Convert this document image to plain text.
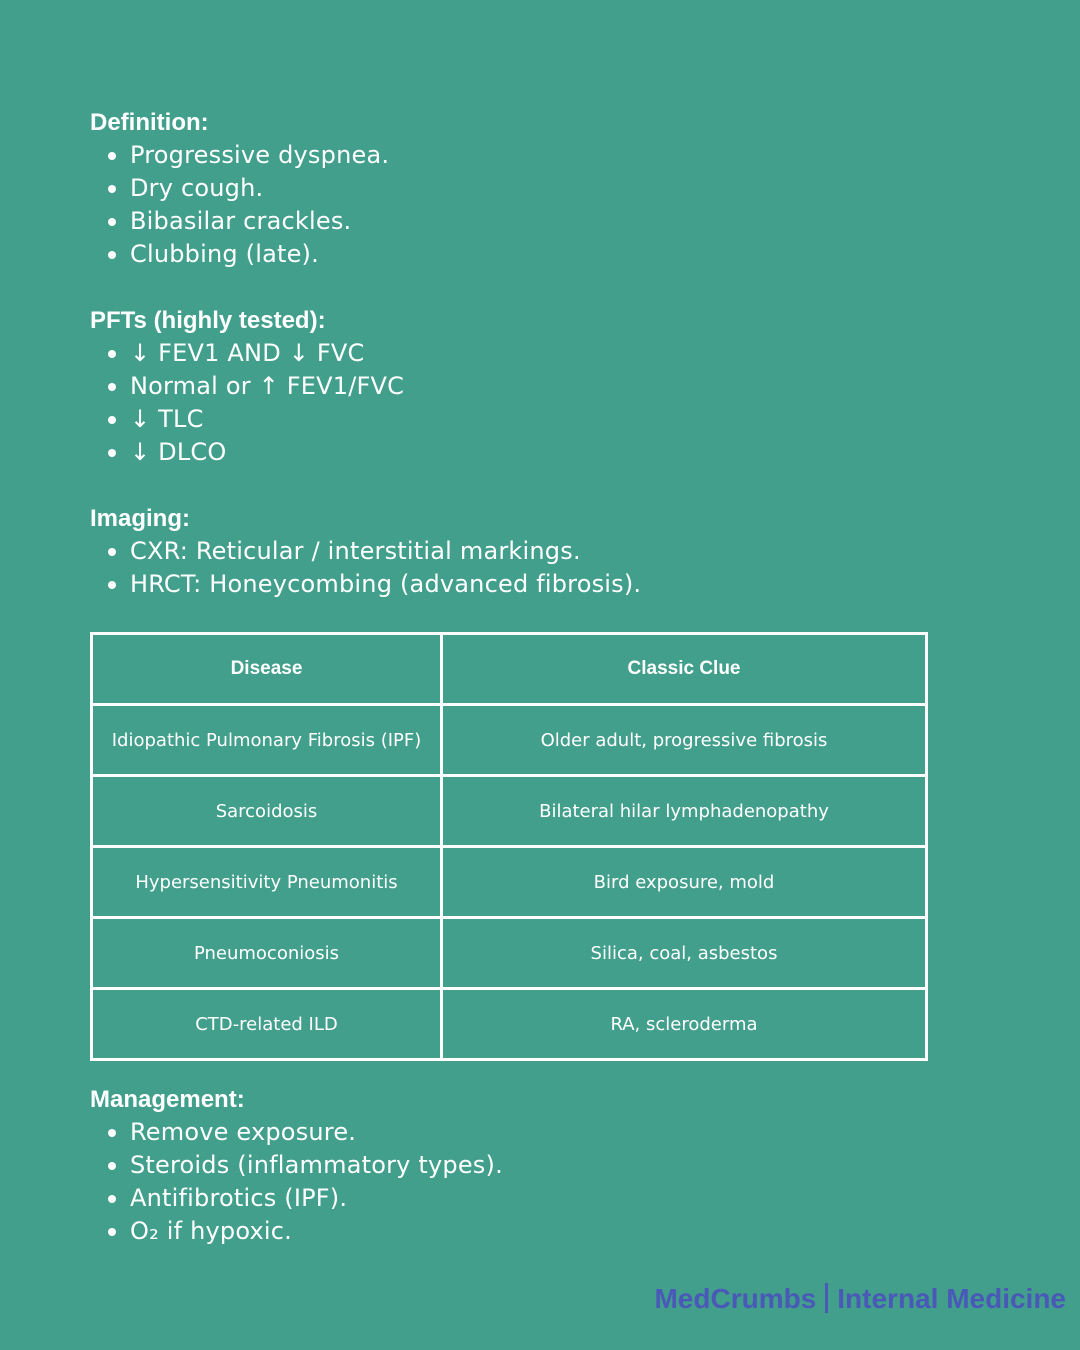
Definition:
Progressive dyspnea.
Dry cough.
Bibasilar crackles.
Clubbing (late).
PFTs (highly tested):
↓ FEV1 AND ↓ FVC
Normal or ↑ FEV1/FVC
↓ TLC
↓ DLCO
Imaging:
CXR: Reticular / interstitial markings.
HRCT: Honeycombing (advanced fibrosis).
Disease	Classic Clue
Idiopathic Pulmonary Fibrosis (IPF)	Older adult, progressive fibrosis
Sarcoidosis	Bilateral hilar lymphadenopathy
Hypersensitivity Pneumonitis	Bird exposure, mold
Pneumoconiosis	Silica, coal, asbestos
CTD-related ILD	RA, scleroderma
Management:
Remove exposure.
Steroids (inflammatory types).
Antifibrotics (IPF).
O₂ if hypoxic.
MedCrumbs Internal Medicine
